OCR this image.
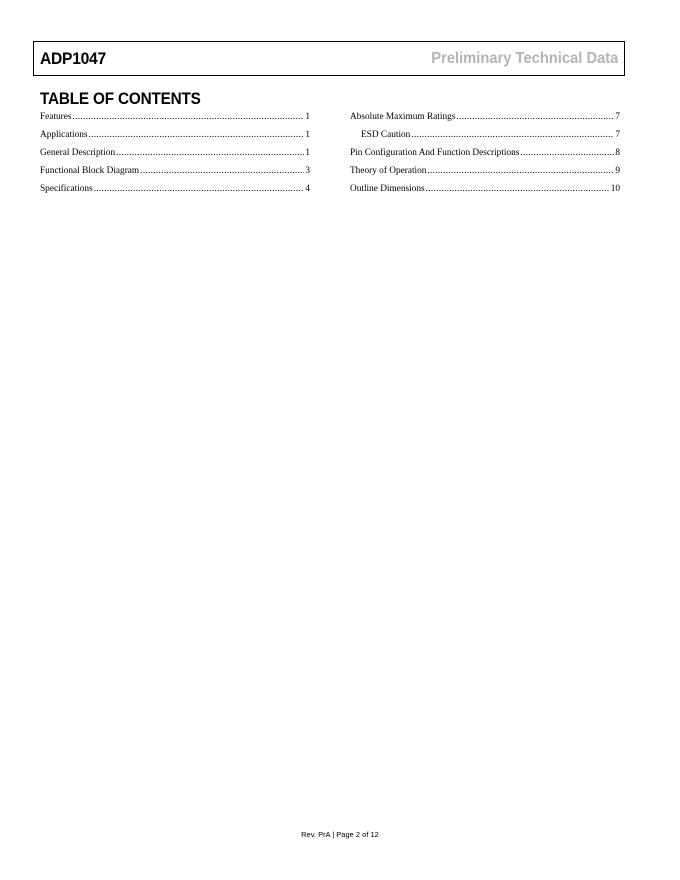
ADP1047	Preliminary Technical Data
TABLE OF CONTENTS
Features .....	1
Applications .....	1
General Description .....	1
Functional Block Diagram .....	3
Specifications .....	4
Absolute Maximum Ratings .....	7
ESD Caution .....	7
Pin Configuration And Function Descriptions .....	8
Theory of Operation .....	9
Outline Dimensions .....	10
Rev. PrA | Page 2 of 12
